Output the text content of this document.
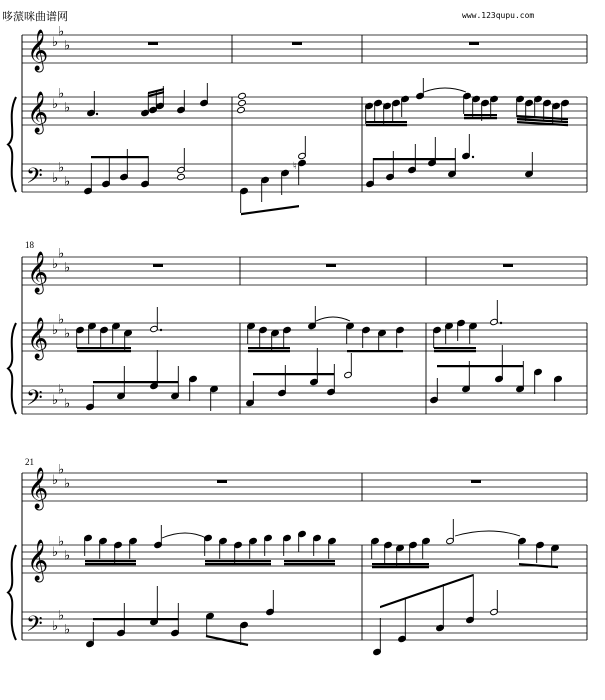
哆蒎咪曲谱网	www.123qupu.com
𝄞
𝄞
𝄢
♭
♭
♭
♭
♭
♭
♭
♭
♭
♮
18
𝄞
𝄞
𝄢
♭
♭
♭
♭
♭
♭
♭
♭
♭
21
𝄞
𝄞
𝄢
♭
♭
♭
♭
♭
♭
♭
♭
♭
